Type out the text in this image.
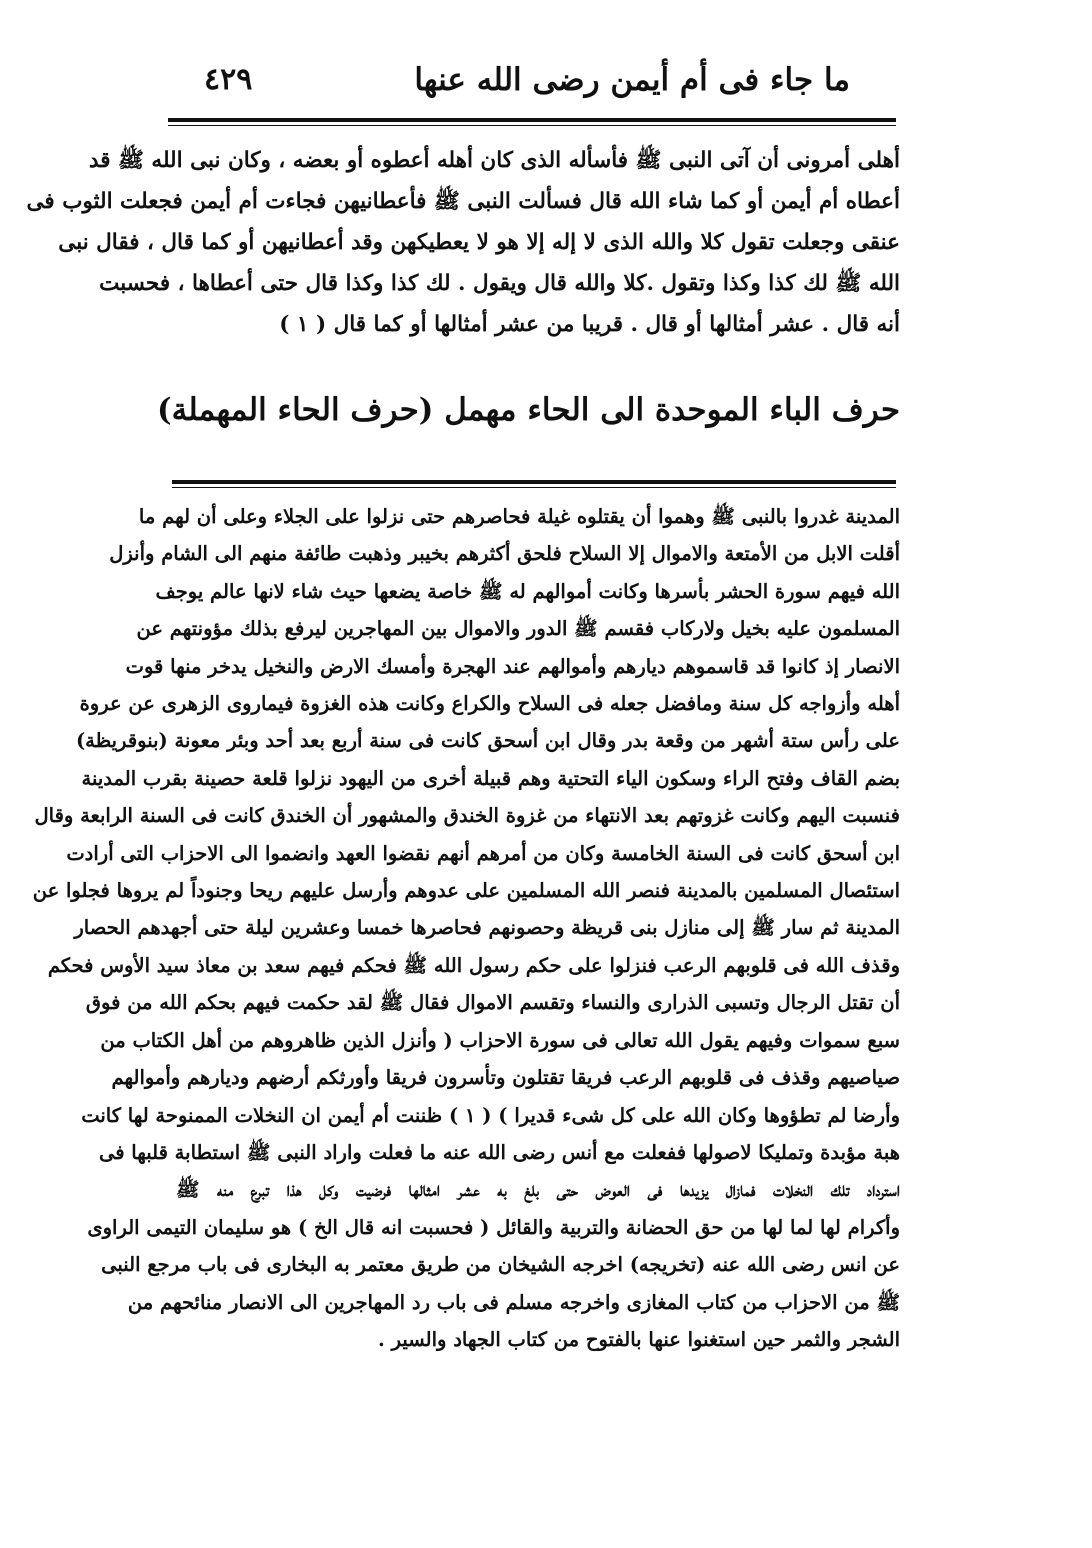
ما جاء فى أم أيمن رضى الله عنها
٤٢٩
أهلى أمرونى أن آتى النبى ﷺ فأسأله الذى كان أهله أعطوه أو بعضه ، وكان نبى الله ﷺ قد
أعطاه أم أيمن أو كما شاء الله قال فسألت النبى ﷺ فأعطانيهن فجاءت أم أيمن فجعلت الثوب فى
عنقى وجعلت تقول كلا والله الذى لا إله إلا هو لا يعطيكهن وقد أعطانيهن أو كما قال ، فقال نبى
الله ﷺ لك كذا وكذا وتقول .كلا والله قال ويقول . لك كذا وكذا قال حتى أعطاها ، فحسبت
أنه قال . عشر أمثالها أو قال . قريبا من عشر أمثالها أو كما قال ( ١ )
حرف الباء الموحدة الى الحاء مهمل (حرف الحاء المهملة)
المدينة غدروا بالنبى ﷺ وهموا أن يقتلوه غيلة فحاصرهم حتى نزلوا على الجلاء وعلى أن لهم ما
أقلت الابل من الأمتعة والاموال إلا السلاح فلحق أكثرهم بخيبر وذهبت طائفة منهم الى الشام وأنزل
الله فيهم سورة الحشر بأسرها وكانت أموالهم له ﷺ خاصة يضعها حيث شاء لانها عالم يوجف
المسلمون عليه بخيل ولاركاب فقسم ﷺ الدور والاموال بين المهاجرين ليرفع بذلك مؤونتهم عن
الانصار إذ كانوا قد قاسموهم ديارهم وأموالهم عند الهجرة وأمسك الارض والنخيل يدخر منها قوت
أهله وأزواجه كل سنة ومافضل جعله فى السلاح والكراع وكانت هذه الغزوة فيماروى الزهرى عن عروة
على رأس ستة أشهر من وقعة بدر وقال ابن أسحق كانت فى سنة أربع بعد أحد وبئر معونة (بنوقريظة)
بضم القاف وفتح الراء وسكون الياء التحتية وهم قبيلة أخرى من اليهود نزلوا قلعة حصينة بقرب المدينة
فنسبت اليهم وكانت غزوتهم بعد الانتهاء من غزوة الخندق والمشهور أن الخندق كانت فى السنة الرابعة وقال
ابن أسحق كانت فى السنة الخامسة وكان من أمرهم أنهم نقضوا العهد وانضموا الى الاحزاب التى أرادت
استئصال المسلمين بالمدينة فنصر الله المسلمين على عدوهم وأرسل عليهم ريحا وجنوداً لم يروها فجلوا عن
المدينة ثم سار ﷺ إلى منازل بنى قريظة وحصونهم فحاصرها خمسا وعشرين ليلة حتى أجهدهم الحصار
وقذف الله فى قلوبهم الرعب فنزلوا على حكم رسول الله ﷺ فحكم فيهم سعد بن معاذ سيد الأوس فحكم
أن تقتل الرجال وتسبى الذرارى والنساء وتقسم الاموال فقال ﷺ لقد حكمت فيهم بحكم الله من فوق
سبع سموات وفيهم يقول الله تعالى فى سورة الاحزاب ( وأنزل الذين ظاهروهم من أهل الكتاب من
صياصيهم وقذف فى قلوبهم الرعب فريقا تقتلون وتأسرون فريقا وأورثكم أرضهم وديارهم وأموالهم
وأرضا لم تطؤوها وكان الله على كل شىء قديرا ) ( ١ ) ظننت أم أيمن ان النخلات الممنوحة لها كانت
هبة مؤبدة وتمليكا لاصولها ففعلت مع أنس رضى الله عنه ما فعلت واراد النبى ﷺ استطابة قلبها فى
استرداد تلك النخلات فمازال يزيدها فى العوض حتى بلغ به عشر امثالها فرضيت وكل هذا تبرع منه ﷺ
وأكرام لها لما لها من حق الحضانة والتربية والقائل ( فحسبت انه قال الخ ) هو سليمان التيمى الراوى
عن انس رضى الله عنه (تخريجه) اخرجه الشيخان من طريق معتمر به البخارى فى باب مرجع النبى
ﷺ من الاحزاب من كتاب المغازى واخرجه مسلم فى باب رد المهاجرين الى الانصار منائحهم من
الشجر والثمر حين استغنوا عنها بالفتوح من كتاب الجهاد والسير .
